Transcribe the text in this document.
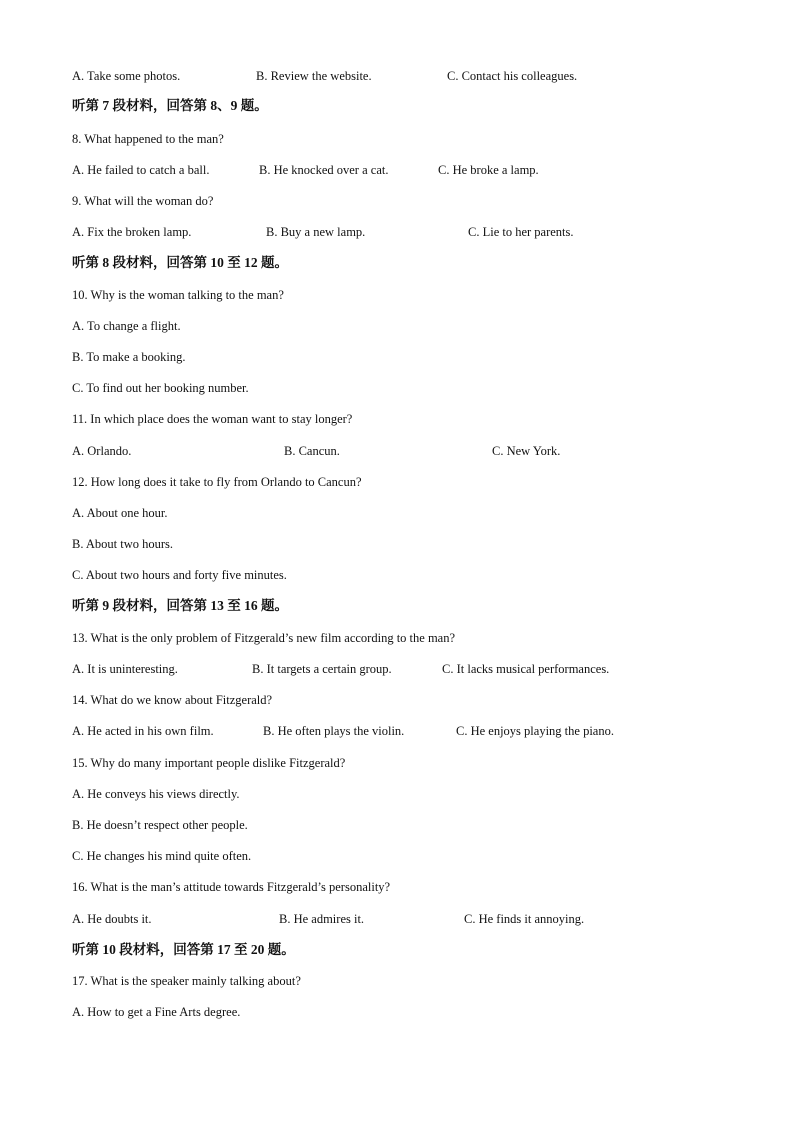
A. Take some photos.	B. Review the website.	C. Contact his colleagues.
听第 7 段材料，回答第 8、9 题。
8. What happened to the man?
A. He failed to catch a ball.	B. He knocked over a cat.	C. He broke a lamp.
9. What will the woman do?
A. Fix the broken lamp.	B. Buy a new lamp.	C. Lie to her parents.
听第 8 段材料，回答第 10 至 12 题。
10. Why is the woman talking to the man?
A. To change a flight.
B. To make a booking.
C. To find out her booking number.
11. In which place does the woman want to stay longer?
A. Orlando.	B. Cancun.	C. New York.
12. How long does it take to fly from Orlando to Cancun?
A. About one hour.
B. About two hours.
C. About two hours and forty five minutes.
听第 9 段材料，回答第 13 至 16 题。
13. What is the only problem of Fitzgerald’s new film according to the man?
A. It is uninteresting.	B. It targets a certain group.	C. It lacks musical performances.
14. What do we know about Fitzgerald?
A. He acted in his own film.	B. He often plays the violin.	C. He enjoys playing the piano.
15. Why do many important people dislike Fitzgerald?
A. He conveys his views directly.
B. He doesn’t respect other people.
C. He changes his mind quite often.
16. What is the man’s attitude towards Fitzgerald’s personality?
A. He doubts it.	B. He admires it.	C. He finds it annoying.
听第 10 段材料，回答第 17 至 20 题。
17. What is the speaker mainly talking about?
A. How to get a Fine Arts degree.
